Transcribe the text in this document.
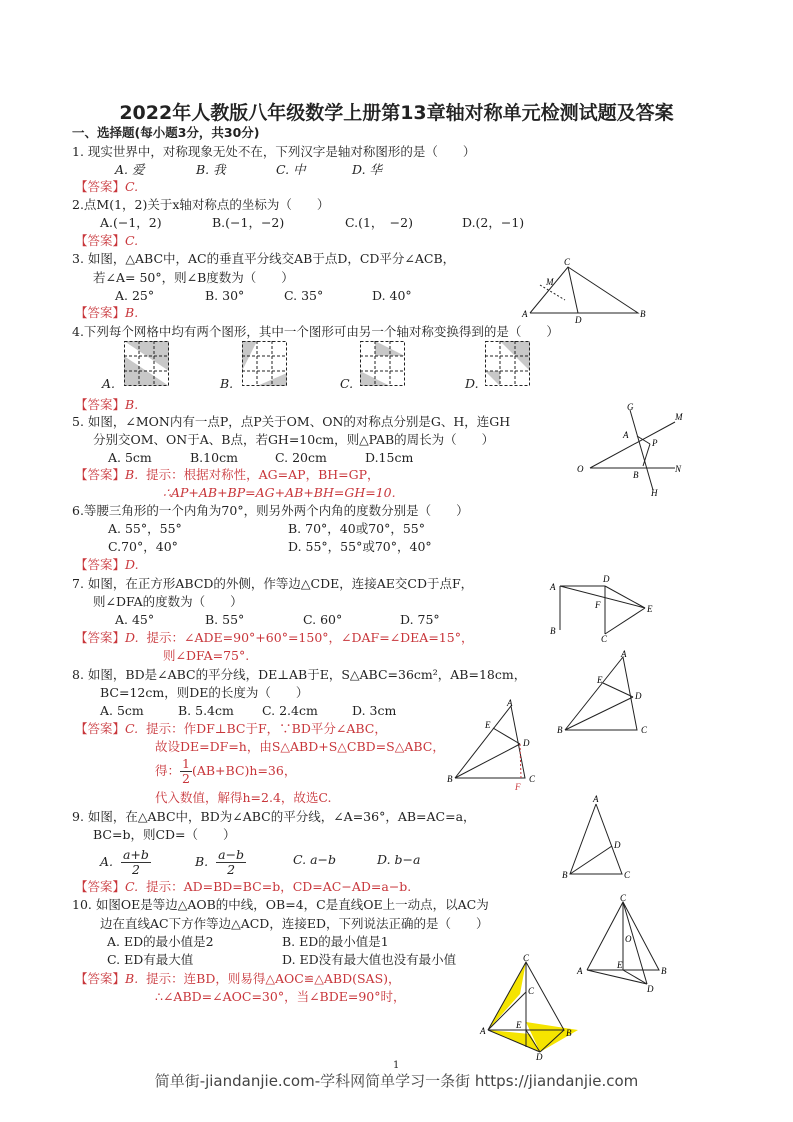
2022年人教版八年级数学上册第13章轴对称单元检测试题及答案
一、选择题(每小题3分，共30分)
1. 现实世界中，对称现象无处不在，下列汉字是轴对称图形的是（　　）
A. 爱	B. 我	C. 中	D. 华
【答案】C.
2.点M(1，2)关于x轴对称点的坐标为（　　）
A.(−1，2)	B.(−1，−2)	C.(1，　−2)	D.(2，−1)
【答案】C.
3. 如图，△ABC中，AC的垂直平分线交AB于点D，CD平分∠ACB，
若∠A= 50°，则∠B度数为（　　）
A. 25°	B. 30°	C. 35°	D. 40°
【答案】B.
C
M
A
D
B
4.下列每个网格中均有两个图形，其中一个图形可由另一个轴对称变换得到的是（　　）
A.	B.	C.	D.
【答案】B.
5. 如图，∠MON内有一点P，点P关于OM、ON的对称点分别是G、H，连GH
分别交OM、ON于A、B点，若GH=10cm，则△PAB的周长为（　　）
A. 5cm	B.10cm	C. 20cm	D.15cm
【答案】B. 提示：根据对称性，AG=AP，BH=GP，
∴AP+AB+BP=AG+AB+BH=GH=10.
G
M
A
P
O
B
N
H
6.等腰三角形的一个内角为70°，则另外两个内角的度数分别是（　　）
A. 55°，55°	B. 70°，40或70°，55°
C.70°，40°	D. 55°，55°或70°，40°
【答案】D.
7. 如图，在正方形ABCD的外侧，作等边△CDE，连接AE交CD于点F，
则∠DFA的度数为（　　）
A. 45°	B. 55°	C. 60°	D. 75°
【答案】D. 提示：∠ADE=90°+60°=150°，∠DAF=∠DEA=15°，
则∠DFA=75°.
A
D
F	E
B
C
8. 如图，BD是∠ABC的平分线，DE⊥AB于E，S△ABC=36cm²，AB=18cm，
BC=12cm，则DE的长度为（　　）
A. 5cm	B. 5.4cm C. 2.4cm	D. 3cm
【答案】C. 提示：作DF⊥BC于F，∵BD平分∠ABC，
故设DE=DF=h，由S△ABD+S△CBD=S△ABC，
得： $\frac{1}{2} (AB+BC)h=36$，
代入数值，解得h=2.4，故选C.
A
E
D
B
F
C
A
E
D
B	C
9. 如图，在△ABC中，BD为∠ABC的平分线，∠A=36°，AB=AC=a，
BC=b，则CD=（　　）
A. $\frac{a+b}{2}$	B. $\frac{a-b}{2}$	C. a−b	D. b−a
【答案】C. 提示：AD=BD=BC=b，CD=AC−AD=a−b.
A
D
B	C
10. 如图OE是等边△AOB的中线，OB=4，C是直线OE上一动点，以AC为
边在直线AC下方作等边△ACD，连接ED，下列说法正确的是（　　）
A. ED的最小值是2	B. ED的最小值是1
C. ED有最大值	D. ED没有最大值也没有最小值
【答案】B. 提示：连BD，则易得△AOC≌△ABD(SAS)，
∴∠ABD=∠AOC=30°，当∠BDE=90°时，
C
O
E
A	B
D
C
C
E
A	B
D
1
简单街-jiandanjie.com-学科网简单学习一条街 https://jiandanjie.com
